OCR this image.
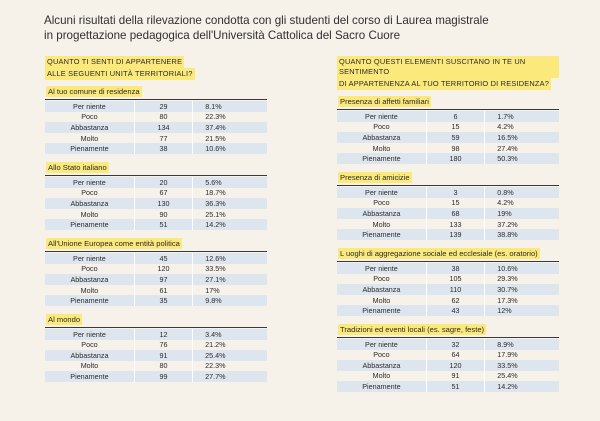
Alcuni risultati della rilevazione condotta con gli studenti del corso di Laurea magistrale
in progettazione pedagogica dell'Università Cattolica del Sacro Cuore
QUANTO TI SENTI DI APPARTENERE
ALLE SEGUENTI UNITÀ TERRITORIALI?
Al tuo comune di residenza
Per niente	29	8.1%
Poco	80	22.3%
Abbastanza	134	37.4%
Molto	77	21.5%
Pienamente	38	10.6%
Allo Stato italiano
Per niente	20	5.6%
Poco	67	18.7%
Abbastanza	130	36.3%
Molto	90	25.1%
Pienamente	51	14.2%
All'Unione Europea come entità politica
Per niente	45	12.6%
Poco	120	33.5%
Abbastanza	97	27.1%
Molto	61	17%
Pienamente	35	9.8%
Al mondo
Per niente	12	3.4%
Poco	76	21.2%
Abbastanza	91	25.4%
Molto	80	22.3%
Pienamente	99	27.7%
QUANTO QUESTI ELEMENTI SUSCITANO IN TE UN SENTIMENTO
DI APPARTENENZA AL TUO TERRITORIO DI RESIDENZA?
Presenza di affetti familiari
Per niente	6	1.7%
Poco	15	4.2%
Abbastanza	59	16.5%
Molto	98	27.4%
Pienamente	180	50.3%
Presenza di amicizie
Per niente	3	0.8%
Poco	15	4.2%
Abbastanza	68	19%
Molto	133	37.2%
Pienamente	139	38.8%
L uoghi di aggregazione sociale ed ecclesiale (es. oratorio)
Per niente	38	10.6%
Poco	105	29.3%
Abbastanza	110	30.7%
Molto	62	17.3%
Pienamente	43	12%
Tradizioni ed eventi locali (es. sagre, feste)
Per niente	32	8.9%
Poco	64	17.9%
Abbastanza	120	33.5%
Molto	91	25.4%
Pienamente	51	14.2%
